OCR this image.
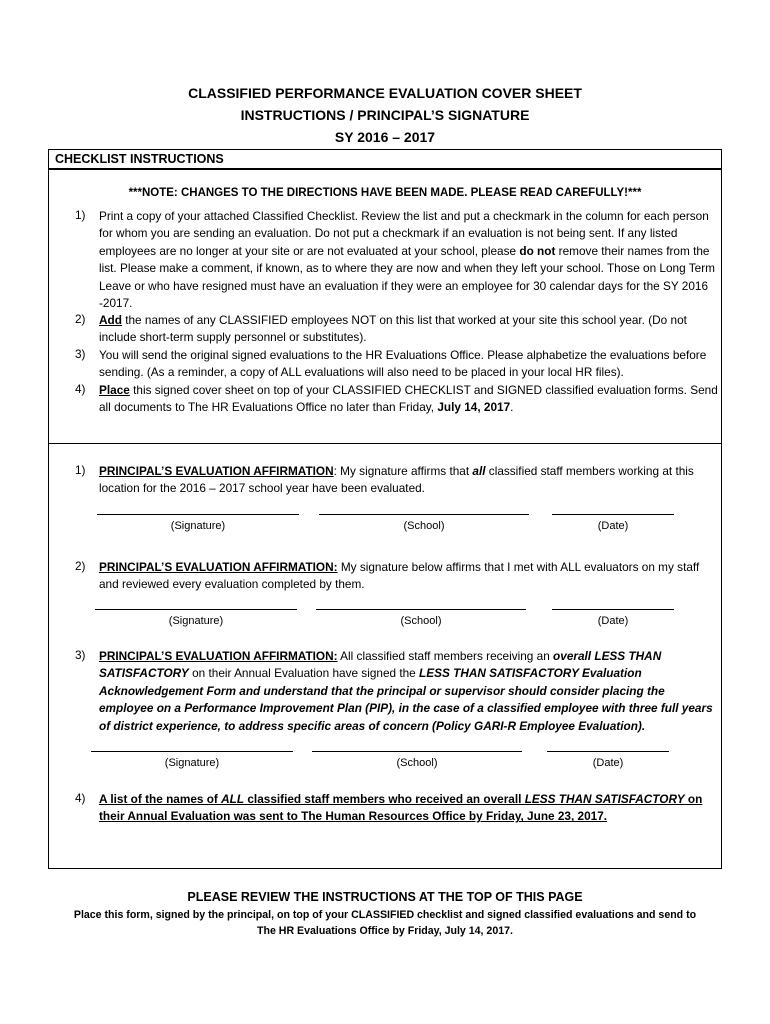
CLASSIFIED PERFORMANCE EVALUATION COVER SHEET
INSTRUCTIONS / PRINCIPAL’S SIGNATURE
SY 2016 – 2017
CHECKLIST INSTRUCTIONS
***NOTE: CHANGES TO THE DIRECTIONS HAVE BEEN MADE. PLEASE READ CAREFULLY!***
1) Print a copy of your attached Classified Checklist. Review the list and put a checkmark in the column for each person for whom you are sending an evaluation. Do not put a checkmark if an evaluation is not being sent. If any listed employees are no longer at your site or are not evaluated at your school, please do not remove their names from the list. Please make a comment, if known, as to where they are now and when they left your school. Those on Long Term Leave or who have resigned must have an evaluation if they were an employee for 30 calendar days for the SY 2016 -2017.
2) Add the names of any CLASSIFIED employees NOT on this list that worked at your site this school year. (Do not include short-term supply personnel or substitutes).
3) You will send the original signed evaluations to the HR Evaluations Office. Please alphabetize the evaluations before sending. (As a reminder, a copy of ALL evaluations will also need to be placed in your local HR files).
4) Place this signed cover sheet on top of your CLASSIFIED CHECKLIST and SIGNED classified evaluation forms. Send all documents to The HR Evaluations Office no later than Friday, July 14, 2017.
1) PRINCIPAL’S EVALUATION AFFIRMATION: My signature affirms that all classified staff members working at this location for the 2016 – 2017 school year have been evaluated.
(Signature)	(School)	(Date)
2) PRINCIPAL’S EVALUATION AFFIRMATION: My signature below affirms that I met with ALL evaluators on my staff and reviewed every evaluation completed by them.
(Signature)	(School)	(Date)
3) PRINCIPAL’S EVALUATION AFFIRMATION: All classified staff members receiving an overall LESS THAN SATISFACTORY on their Annual Evaluation have signed the LESS THAN SATISFACTORY Evaluation Acknowledgement Form and understand that the principal or supervisor should consider placing the employee on a Performance Improvement Plan (PIP), in the case of a classified employee with three full years of district experience, to address specific areas of concern (Policy GARI-R Employee Evaluation).
(Signature)	(School)	(Date)
4) A list of the names of ALL classified staff members who received an overall LESS THAN SATISFACTORY on their Annual Evaluation was sent to The Human Resources Office by Friday, June 23, 2017.
PLEASE REVIEW THE INSTRUCTIONS AT THE TOP OF THIS PAGE
Place this form, signed by the principal, on top of your CLASSIFIED checklist and signed classified evaluations and send to
The HR Evaluations Office by Friday, July 14, 2017.
